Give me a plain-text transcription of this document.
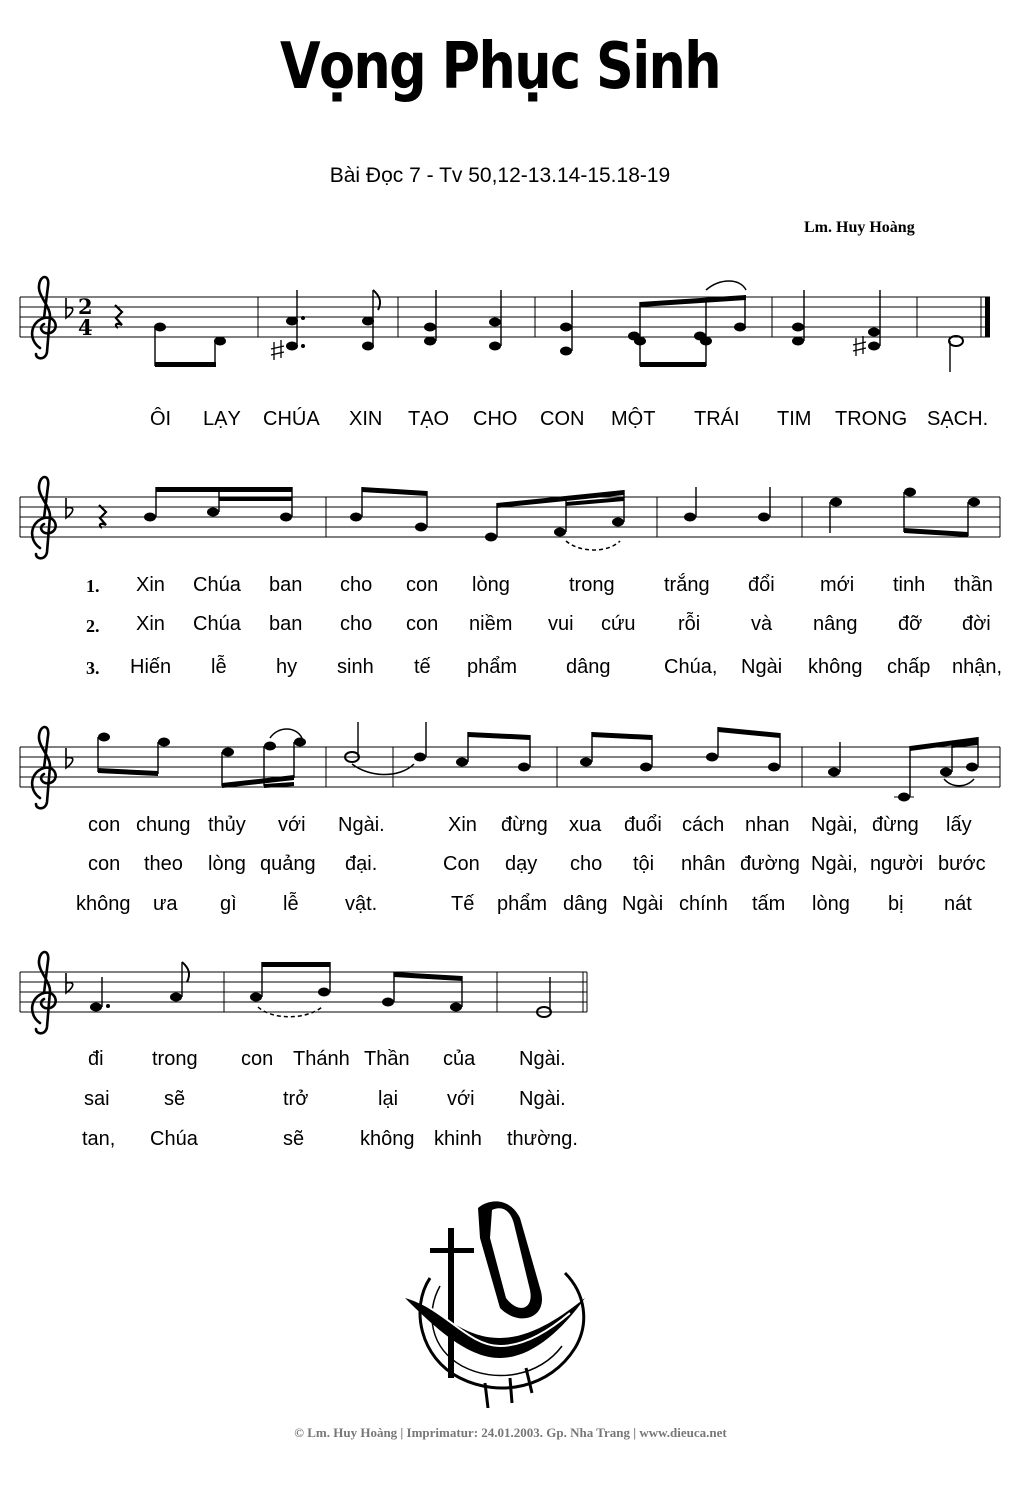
Vọng Phục Sinh
Bài Đọc 7 - Tv 50,12-13.14-15.18-19
Lm. Huy Hoàng
2
4
ÔI LẠY CHÚA XIN TẠO CHO CON MỘT TRÁI TIM TRONG SẠCH.
1.
2.
3.
Xin Chúa ban cho con lòng	trong trắng đổi mới tinh thần
Xin Chúa ban cho con niềm vui cứu rỗi	và nâng đỡ đời
Hiến lễ hy sinh tế phẩm dâng	Chúa, Ngài không chấp nhận,
con chung thủy với Ngài.	Xin đừng xua đuổi cách nhan Ngài, đừng lấy
con theo lòng quảng đại.	Con dạy cho tội nhân đường Ngài, người bước
không ưa gì lễ vật.	Tế phẩm dâng Ngài chính tấm lòng bị nát
đi trong con Thánh Thần của Ngài.
sai	sẽ	trở	lại với Ngài.
tan, Chúa	sẽ	không khinh thường.
© Lm. Huy Hoàng | Imprimatur: 24.01.2003. Gp. Nha Trang | www.dieuca.net
